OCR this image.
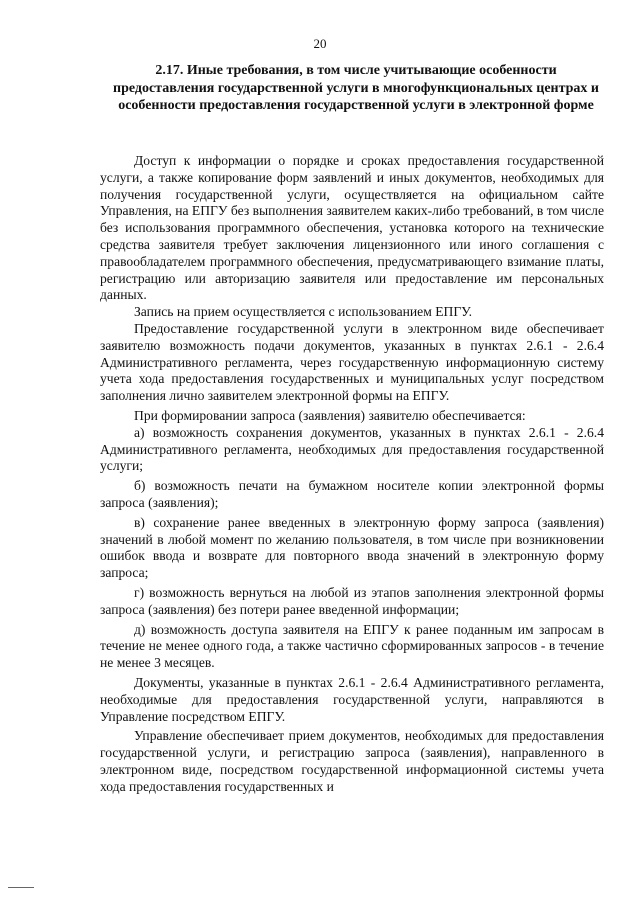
20

2.17. Иные требования, в том числе учитывающие особенности предоставления государственной услуги в многофункциональных центрах и особенности предоставления государственной услуги в электронной форме

Доступ к информации о порядке и сроках предоставления государственной услуги, а также копирование форм заявлений и иных документов, необходимых для получения государственной услуги, осуществляется на официальном сайте Управления, на ЕПГУ без выполнения заявителем каких-либо требований, в том числе без использования программного обеспечения, установка которого на технические средства заявителя требует заключения лицензионного или иного соглашения с правообладателем программного обеспечения, предусматривающего взимание платы, регистрацию или авторизацию заявителя или предоставление им персональных данных.

Запись на прием осуществляется с использованием ЕПГУ.

Предоставление государственной услуги в электронном виде обеспечивает заявителю возможность подачи документов, указанных в пунктах 2.6.1 - 2.6.4 Административного регламента, через государственную информационную систему учета хода предоставления государственных и муниципальных услуг посредством заполнения лично заявителем электронной формы на ЕПГУ.

При формировании запроса (заявления) заявителю обеспечивается:

а) возможность сохранения документов, указанных в пунктах 2.6.1 - 2.6.4 Административного регламента, необходимых для предоставления государственной услуги;

б) возможность печати на бумажном носителе копии электронной формы запроса (заявления);

в) сохранение ранее введенных в электронную форму запроса (заявления) значений в любой момент по желанию пользователя, в том числе при возникновении ошибок ввода и возврате для повторного ввода значений в электронную форму запроса;

г) возможность вернуться на любой из этапов заполнения электронной формы запроса (заявления) без потери ранее введенной информации;

д) возможность доступа заявителя на ЕПГУ к ранее поданным им запросам в течение не менее одного года, а также частично сформированных запросов - в течение не менее 3 месяцев.

Документы, указанные в пунктах 2.6.1 - 2.6.4 Административного регламента, необходимые для предоставления государственной услуги, направляются в Управление посредством ЕПГУ.

Управление обеспечивает прием документов, необходимых для предоставления государственной услуги, и регистрацию запроса (заявления), направленного в электронном виде, посредством государственной информационной системы учета хода предоставления государственных и
